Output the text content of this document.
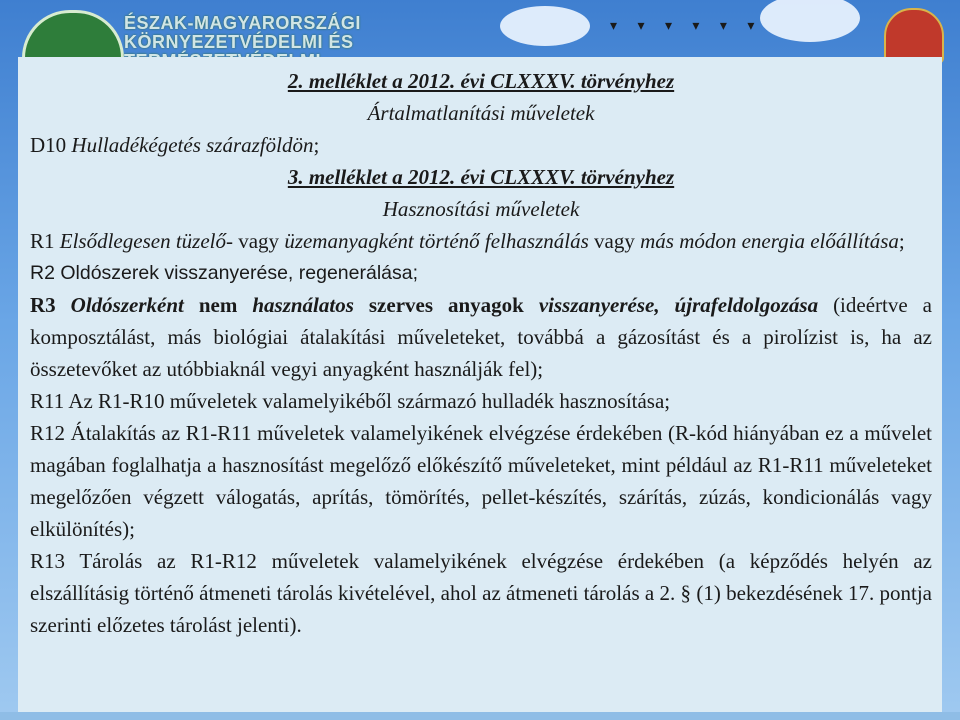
ÉSZAK-MAGYARORSZÁGI
KÖRNYEZETVÉDELMI ÉS
▾ ▾ ▾ ▾ ▾ ▾

2. melléklet a 2012. évi CLXXXV. törvényhez

Ártalmatlanítási műveletek

D10 Hulladékégetés szárazföldön;

3. melléklet a 2012. évi CLXXXV. törvényhez

Hasznosítási műveletek

R1 Elsődlegesen tüzelő- vagy üzemanyagként történő felhasználás vagy más módon energia előállítása;

R2 Oldószerek visszanyerése, regenerálása;

R3 Oldószerként nem használatos szerves anyagok visszanyerése, újrafeldolgozása (ideértve a komposztálást, más biológiai átalakítási műveleteket, továbbá a gázosítást és a pirolízist is, ha az összetevőket az utóbbiaknál vegyi anyagként használják fel);

R11 Az R1-R10 műveletek valamelyikéből származó hulladék hasznosítása;

R12 Átalakítás az R1-R11 műveletek valamelyikének elvégzése érdekében (R-kód hiányában ez a művelet magában foglalhatja a hasznosítást megelőző előkészítő műveleteket, mint például az R1-R11 műveleteket megelőzően végzett válogatás, aprítás, tömörítés, pellet-készítés, szárítás, zúzás, kondicionálás vagy elkülönítés);

R13 Tárolás az R1-R12 műveletek valamelyikének elvégzése érdekében (a képződés helyén az elszállításig történő átmeneti tárolás kivételével, ahol az átmeneti tárolás a 2. § (1) bekezdésének 17. pontja szerinti előzetes tárolást jelenti).
